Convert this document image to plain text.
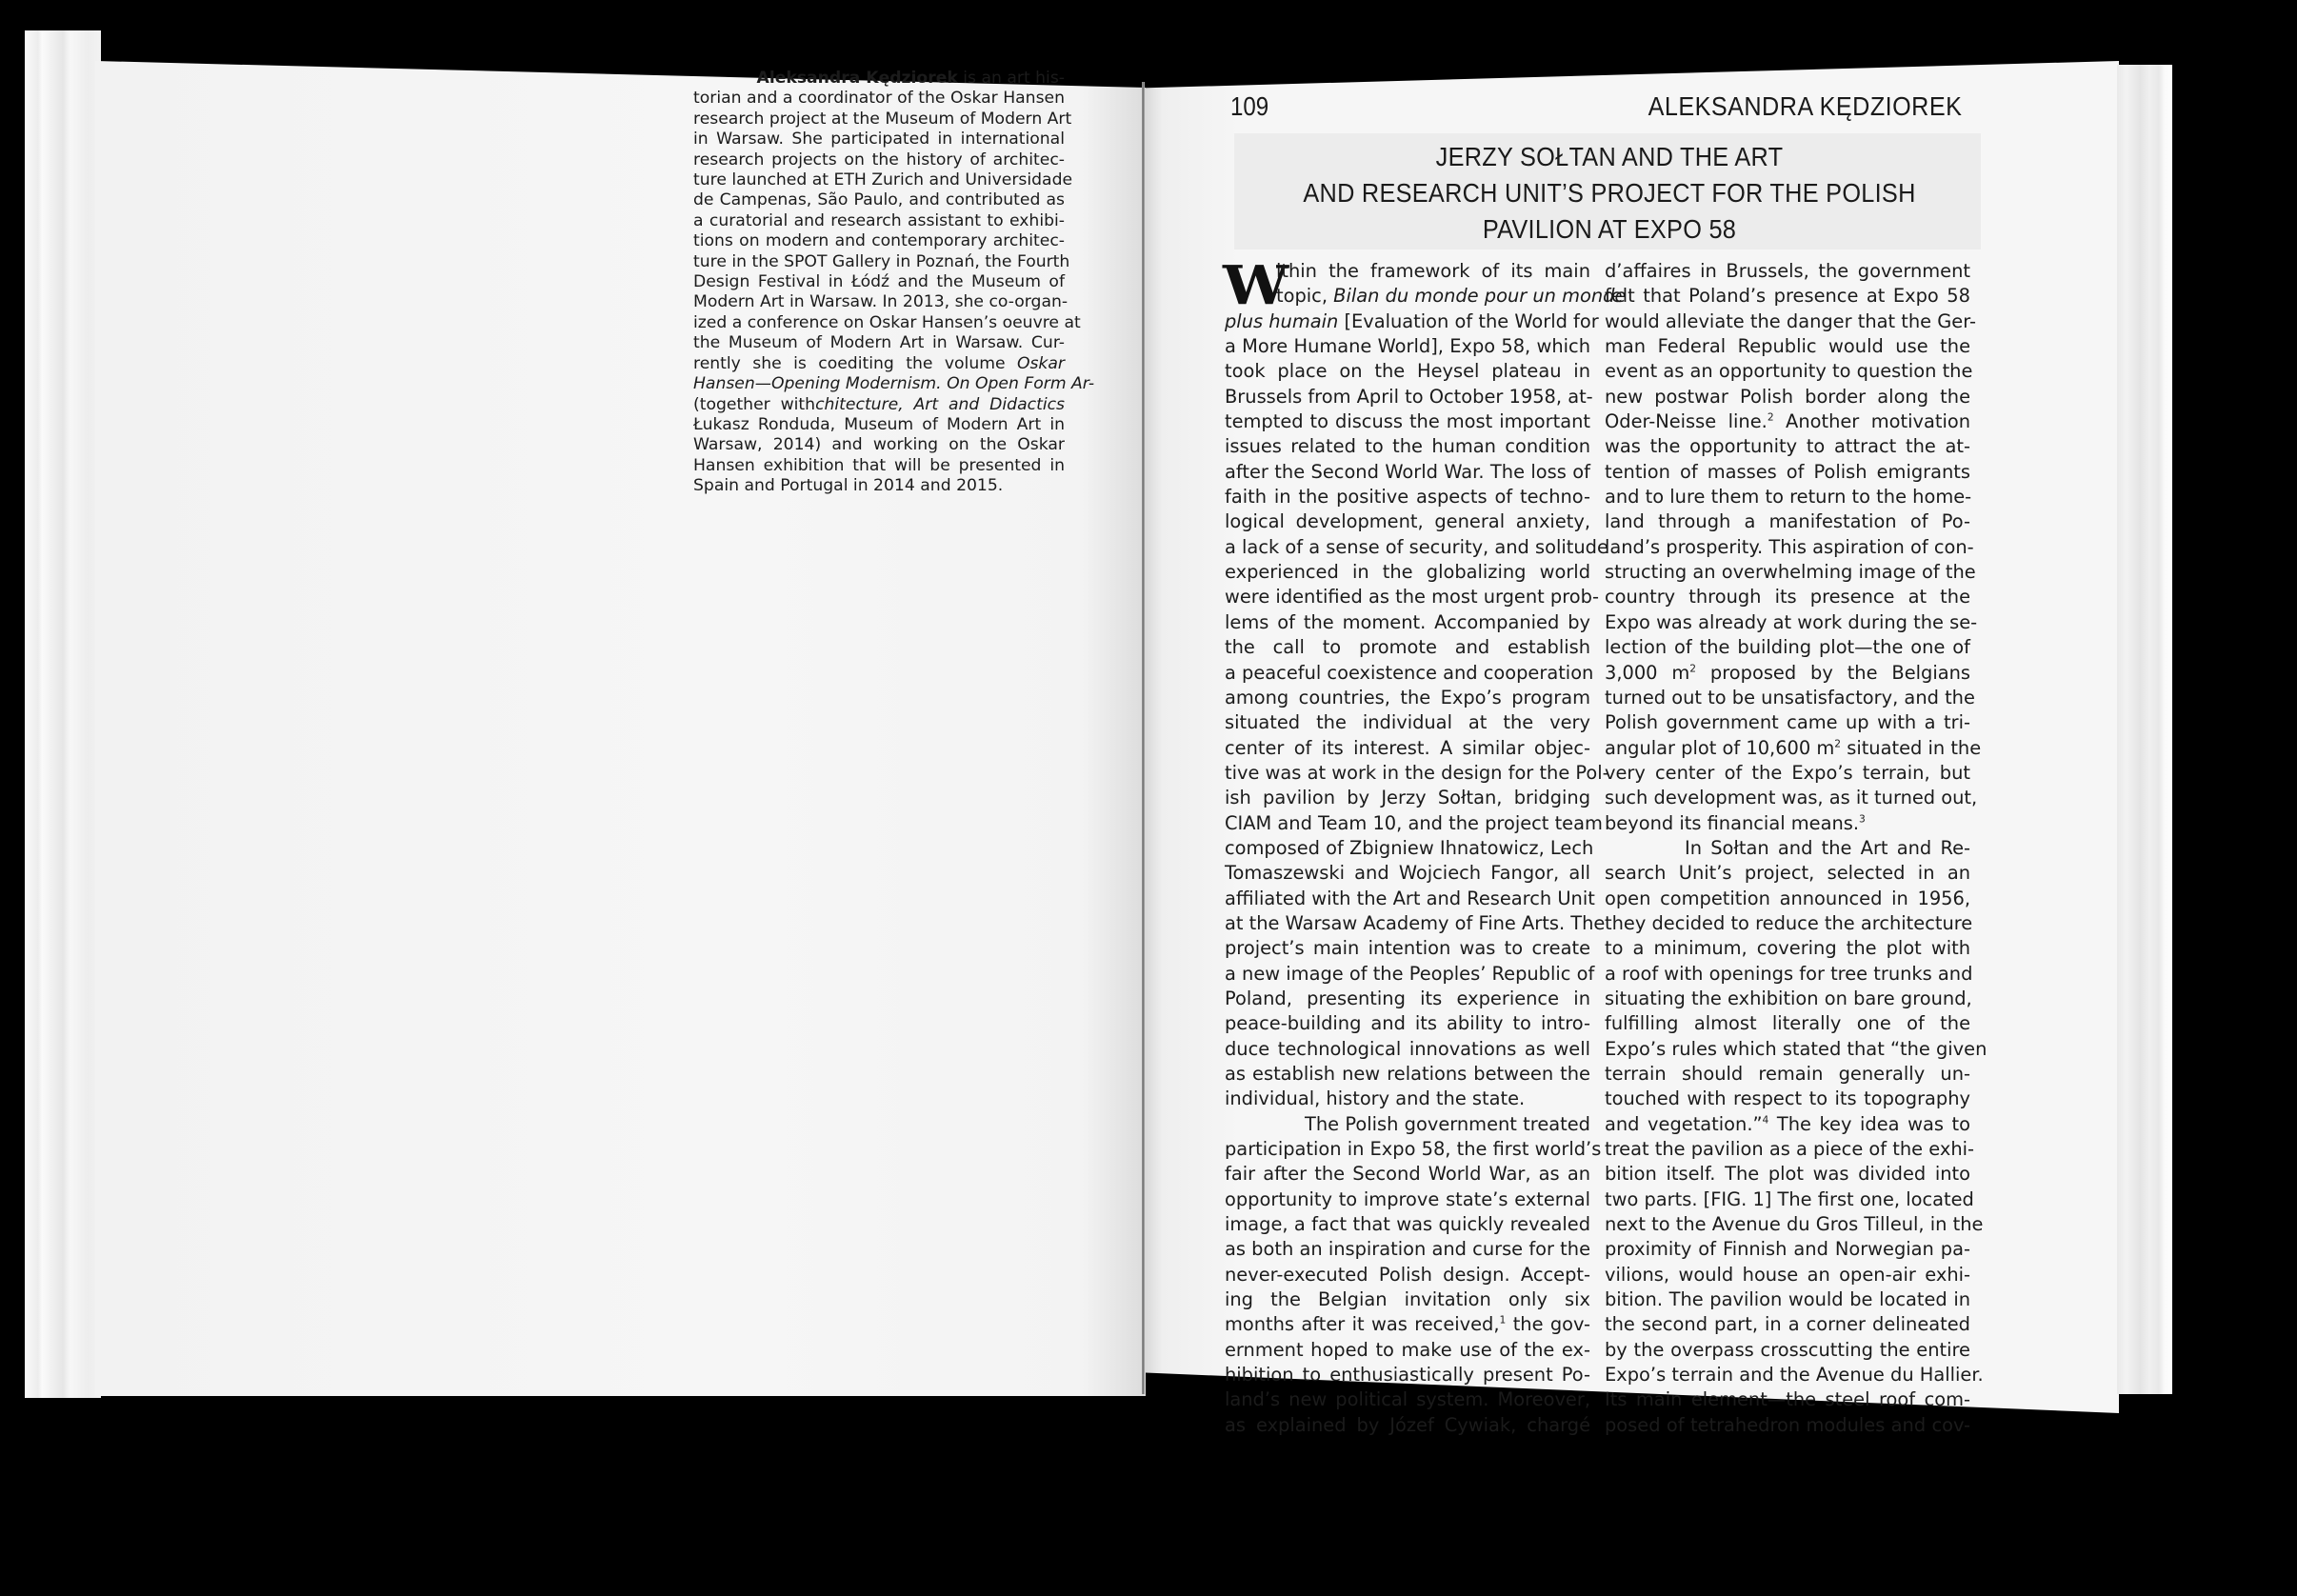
Aleksandra Kędziorek is an art his-
torian and a coordinator of the Oskar Hansen
research project at the Museum of Modern Art
in Warsaw. She participated in international
research projects on the history of architec-
ture launched at ETH Zurich and Universidade
de Campenas, São Paulo, and contributed as
a curatorial and research assistant to exhibi-
tions on modern and contemporary architec-
ture in the SPOT Gallery in Poznań, the Fourth
Design Festival in Łódź and the Museum of
Modern Art in Warsaw. In 2013, she co-organ-
ized a conference on Oskar Hansen’s oeuvre at
the Museum of Modern Art in Warsaw. Cur-
rently she is coediting the volume Oskar
Hansen—Opening Modernism. On Open Form Ar-
(together withchitecture, Art and Didactics
Łukasz Ronduda, Museum of Modern Art in
Warsaw, 2014) and working on the Oskar
Hansen exhibition that will be presented in
Spain and Portugal in 2014 and 2015.
109	ALEKSANDRA KĘDZIOREK
JERZY SOŁTAN AND THE ART
AND RESEARCH UNIT’S PROJECT FOR THE POLISH
PAVILION AT EXPO 58
W
ithin the framework of its main
topic, Bilan du monde pour un monde
plus humain [Evaluation of the World for
a More Humane World], Expo 58, which
took place on the Heysel plateau in
Brussels from April to October 1958, at-
tempted to discuss the most important
issues related to the human condition
after the Second World War. The loss of
faith in the positive aspects of techno-
logical development, general anxiety,
a lack of a sense of security, and solitude
experienced in the globalizing world
were identified as the most urgent prob-
lems of the moment. Accompanied by
the call to promote and establish
a peaceful coexistence and cooperation
among countries, the Expo’s program
situated the individual at the very
center of its interest. A similar objec-
tive was at work in the design for the Pol-
ish pavilion by Jerzy Sołtan, bridging
CIAM and Team 10, and the project team
composed of Zbigniew Ihnatowicz, Lech
Tomaszewski and Wojciech Fangor, all
affiliated with the Art and Research Unit
at the Warsaw Academy of Fine Arts. The
project’s main intention was to create
a new image of the Peoples’ Republic of
Poland, presenting its experience in
peace-building and its ability to intro-
duce technological innovations as well
as establish new relations between the
individual, history and the state.
The Polish government treated
participation in Expo 58, the first world’s
fair after the Second World War, as an
opportunity to improve state’s external
image, a fact that was quickly revealed
as both an inspiration and curse for the
never-executed Polish design. Accept-
ing the Belgian invitation only six
months after it was received,$^1$ the gov-
ernment hoped to make use of the ex-
hibition to enthusiastically present Po-
land’s new political system. Moreover,
as explained by Józef Cywiak, chargé
d’affaires in Brussels, the government
felt that Poland’s presence at Expo 58
would alleviate the danger that the Ger-
man Federal Republic would use the
event as an opportunity to question the
new postwar Polish border along the
Oder-Neisse line.$^2$ Another motivation
was the opportunity to attract the at-
tention of masses of Polish emigrants
and to lure them to return to the home-
land through a manifestation of Po-
land’s prosperity. This aspiration of con-
structing an overwhelming image of the
country through its presence at the
Expo was already at work during the se-
lection of the building plot—the one of
3,000 $m^2$ proposed by the Belgians
turned out to be unsatisfactory, and the
Polish government came up with a tri-
angular plot of 10,600 $m^2$ situated in the
very center of the Expo’s terrain, but
such development was, as it turned out,
beyond its financial means.$^3$
In Sołtan and the Art and Re-
search Unit’s project, selected in an
open competition announced in 1956,
they decided to reduce the architecture
to a minimum, covering the plot with
a roof with openings for tree trunks and
situating the exhibition on bare ground,
fulfilling almost literally one of the
Expo’s rules which stated that “the given
terrain should remain generally un-
touched with respect to its topography
and vegetation.”$^4$ The key idea was to
treat the pavilion as a piece of the exhi-
bition itself. The plot was divided into
two parts. [FIG. 1] The first one, located
next to the Avenue du Gros Tilleul, in the
proximity of Finnish and Norwegian pa-
vilions, would house an open-air exhi-
bition. The pavilion would be located in
the second part, in a corner delineated
by the overpass crosscutting the entire
Expo’s terrain and the Avenue du Hallier.
Its main element—the steel roof com-
posed of tetrahedron modules and cov-
